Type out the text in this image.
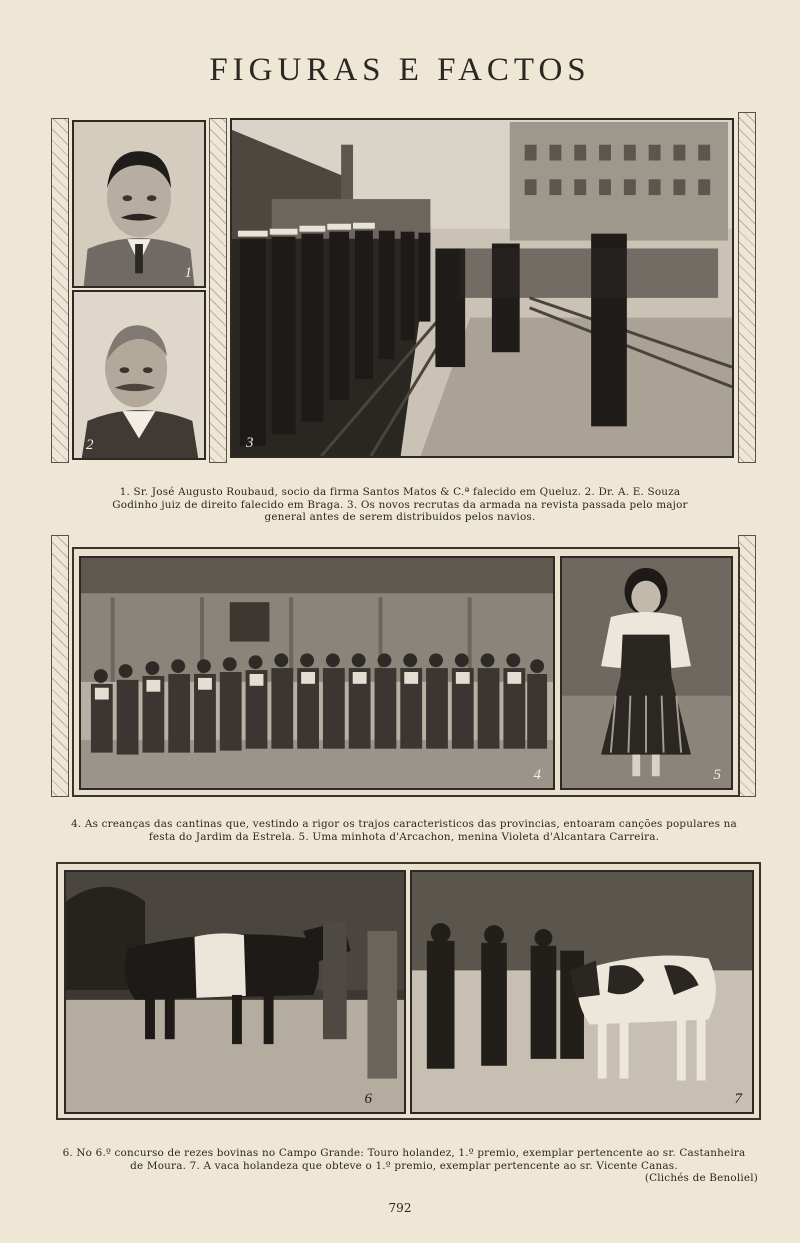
FIGURAS E FACTOS
1
2	3
1. Sr. José Augusto Roubaud, socio da firma Santos Matos & C.ª falecido em Queluz. 2. Dr. A. E. Souza
Godinho juiz de direito falecido em Braga. 3. Os novos recrutas da armada na revista passada pelo major
general antes de serem distribuidos pelos navios.
4	5
4. As creanças das cantinas que, vestindo a rigor os trajos caracteristicos das provincias, entoaram canções populares na
festa do Jardim da Estrela. 5. Uma minhota d'Arcachon, menina Violeta d'Alcantara Carreira.
6	7
6. No 6.º concurso de rezes bovinas no Campo Grande: Touro holandez, 1.º premio, exemplar pertencente ao sr. Castanheira
de Moura. 7. A vaca holandeza que obteve o 1.º premio, exemplar pertencente ao sr. Vicente Canas.
(Clichés de Benoliel)
792
